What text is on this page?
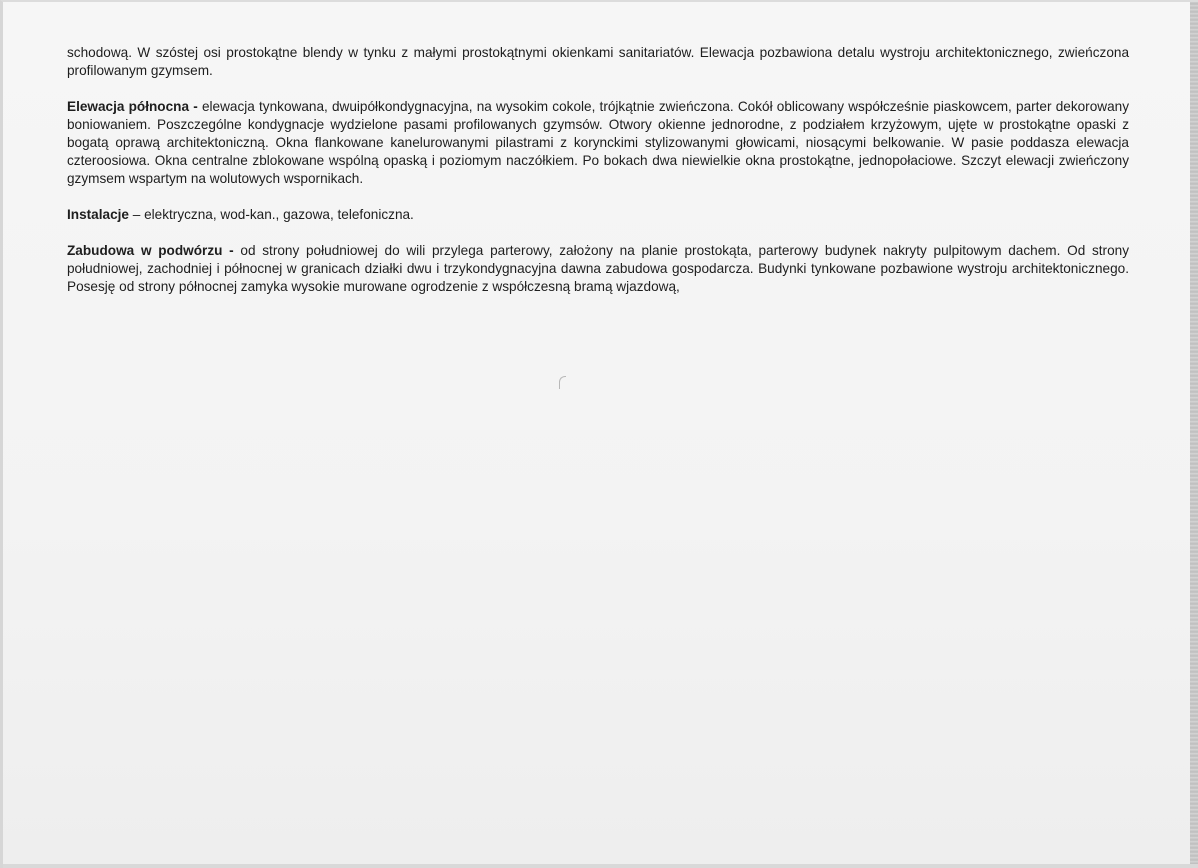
schodową. W szóstej osi prostokątne blendy w tynku z małymi prostokątnymi okienkami sanitariatów. Elewacja pozbawiona detalu wystroju architektonicznego, zwieńczona profilowanym gzymsem.

Elewacja północna - elewacja tynkowana, dwuipółkondygnacyjna, na wysokim cokole, trójkątnie zwieńczona. Cokół oblicowany współcześnie piaskowcem, parter dekorowany boniowaniem. Poszczególne kondygnacje wydzielone pasami profilowanych gzymsów. Otwory okienne jednorodne, z podziałem krzyżowym, ujęte w prostokątne opaski z bogatą oprawą architektoniczną. Okna flankowane kanelurowanymi pilastrami z korynckimi stylizowanymi głowicami, niosącymi belkowanie. W pasie poddasza elewacja czteroosiowa. Okna centralne zblokowane wspólną opaską i poziomym naczółkiem. Po bokach dwa niewielkie okna prostokątne, jednopołaciowe. Szczyt elewacji zwieńczony gzymsem wspartym na wolutowych wspornikach.

Instalacje – elektryczna, wod-kan., gazowa, telefoniczna.

Zabudowa w podwórzu - od strony południowej do wili przylega parterowy, założony na planie prostokąta, parterowy budynek nakryty pulpitowym dachem. Od strony południowej, zachodniej i północnej w granicach działki dwu i trzykondygnacyjna dawna zabudowa gospodarcza. Budynki tynkowane pozbawione wystroju architektonicznego. Posesję od strony północnej zamyka wysokie murowane ogrodzenie z współczesną bramą wjazdową,
